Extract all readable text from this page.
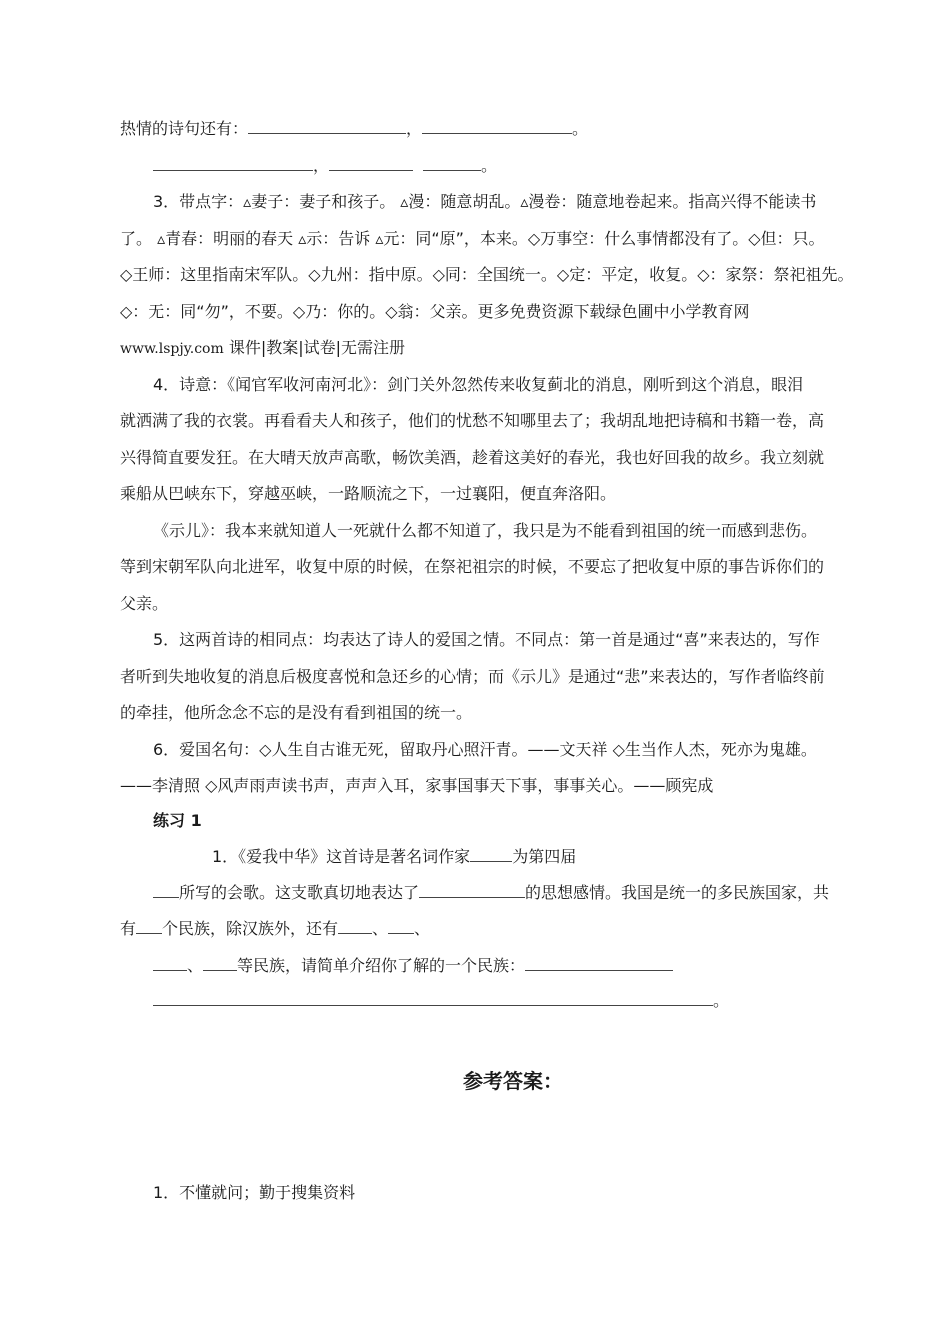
热情的诗句还有：	，	。
，	。
3．带点字：▵妻子：妻子和孩子。 ▵漫：随意胡乱。▵漫卷：随意地卷起来。指高兴得不能读书
了。 ▵青春：明丽的春天 ▵示：告诉 ▵元：同“原”，本来。◇万事空：什么事情都没有了。◇但：只。
◇王师：这里指南宋军队。◇九州：指中原。◇同：全国统一。◇定：平定，收复。◇：家祭：祭祀祖先。
◇：无：同“勿”，不要。◇乃：你的。◇翁：父亲。更多免费资源下载绿色圃中小学教育网
www.lspjy.com 课件|教案|试卷|无需注册
4．诗意：《闻官军收河南河北》：剑门关外忽然传来收复蓟北的消息，刚听到这个消息，眼泪
就洒满了我的衣裳。再看看夫人和孩子，他们的忧愁不知哪里去了；我胡乱地把诗稿和书籍一卷，高
兴得简直要发狂。在大晴天放声高歌，畅饮美酒，趁着这美好的春光，我也好回我的故乡。我立刻就
乘船从巴峡东下，穿越巫峡，一路顺流之下，一过襄阳，便直奔洛阳。
《示儿》：我本来就知道人一死就什么都不知道了，我只是为不能看到祖国的统一而感到悲伤。
等到宋朝军队向北进军，收复中原的时候，在祭祀祖宗的时候，不要忘了把收复中原的事告诉你们的
父亲。
5．这两首诗的相同点：均表达了诗人的爱国之情。不同点：第一首是通过“喜”来表达的，写作
者听到失地收复的消息后极度喜悦和急还乡的心情；而《示儿》是通过“悲”来表达的，写作者临终前
的牵挂，他所念念不忘的是没有看到祖国的统一。
6．爱国名句：◇人生自古谁无死，留取丹心照汗青。——文天祥 ◇生当作人杰，死亦为鬼雄。
——李清照 ◇风声雨声读书声，声声入耳，家事国事天下事，事事关心。——顾宪成
练习 1
1．《爱我中华》这首诗是著名词作家	为第四届
所写的会歌。这支歌真切地表达了	的思想感情。我国是统一的多民族国家，共
有 个民族，除汉族外，还有 、 、
、 等民族，请简单介绍你了解的一个民族：
。
参考答案：
1．不懂就问；勤于搜集资料
